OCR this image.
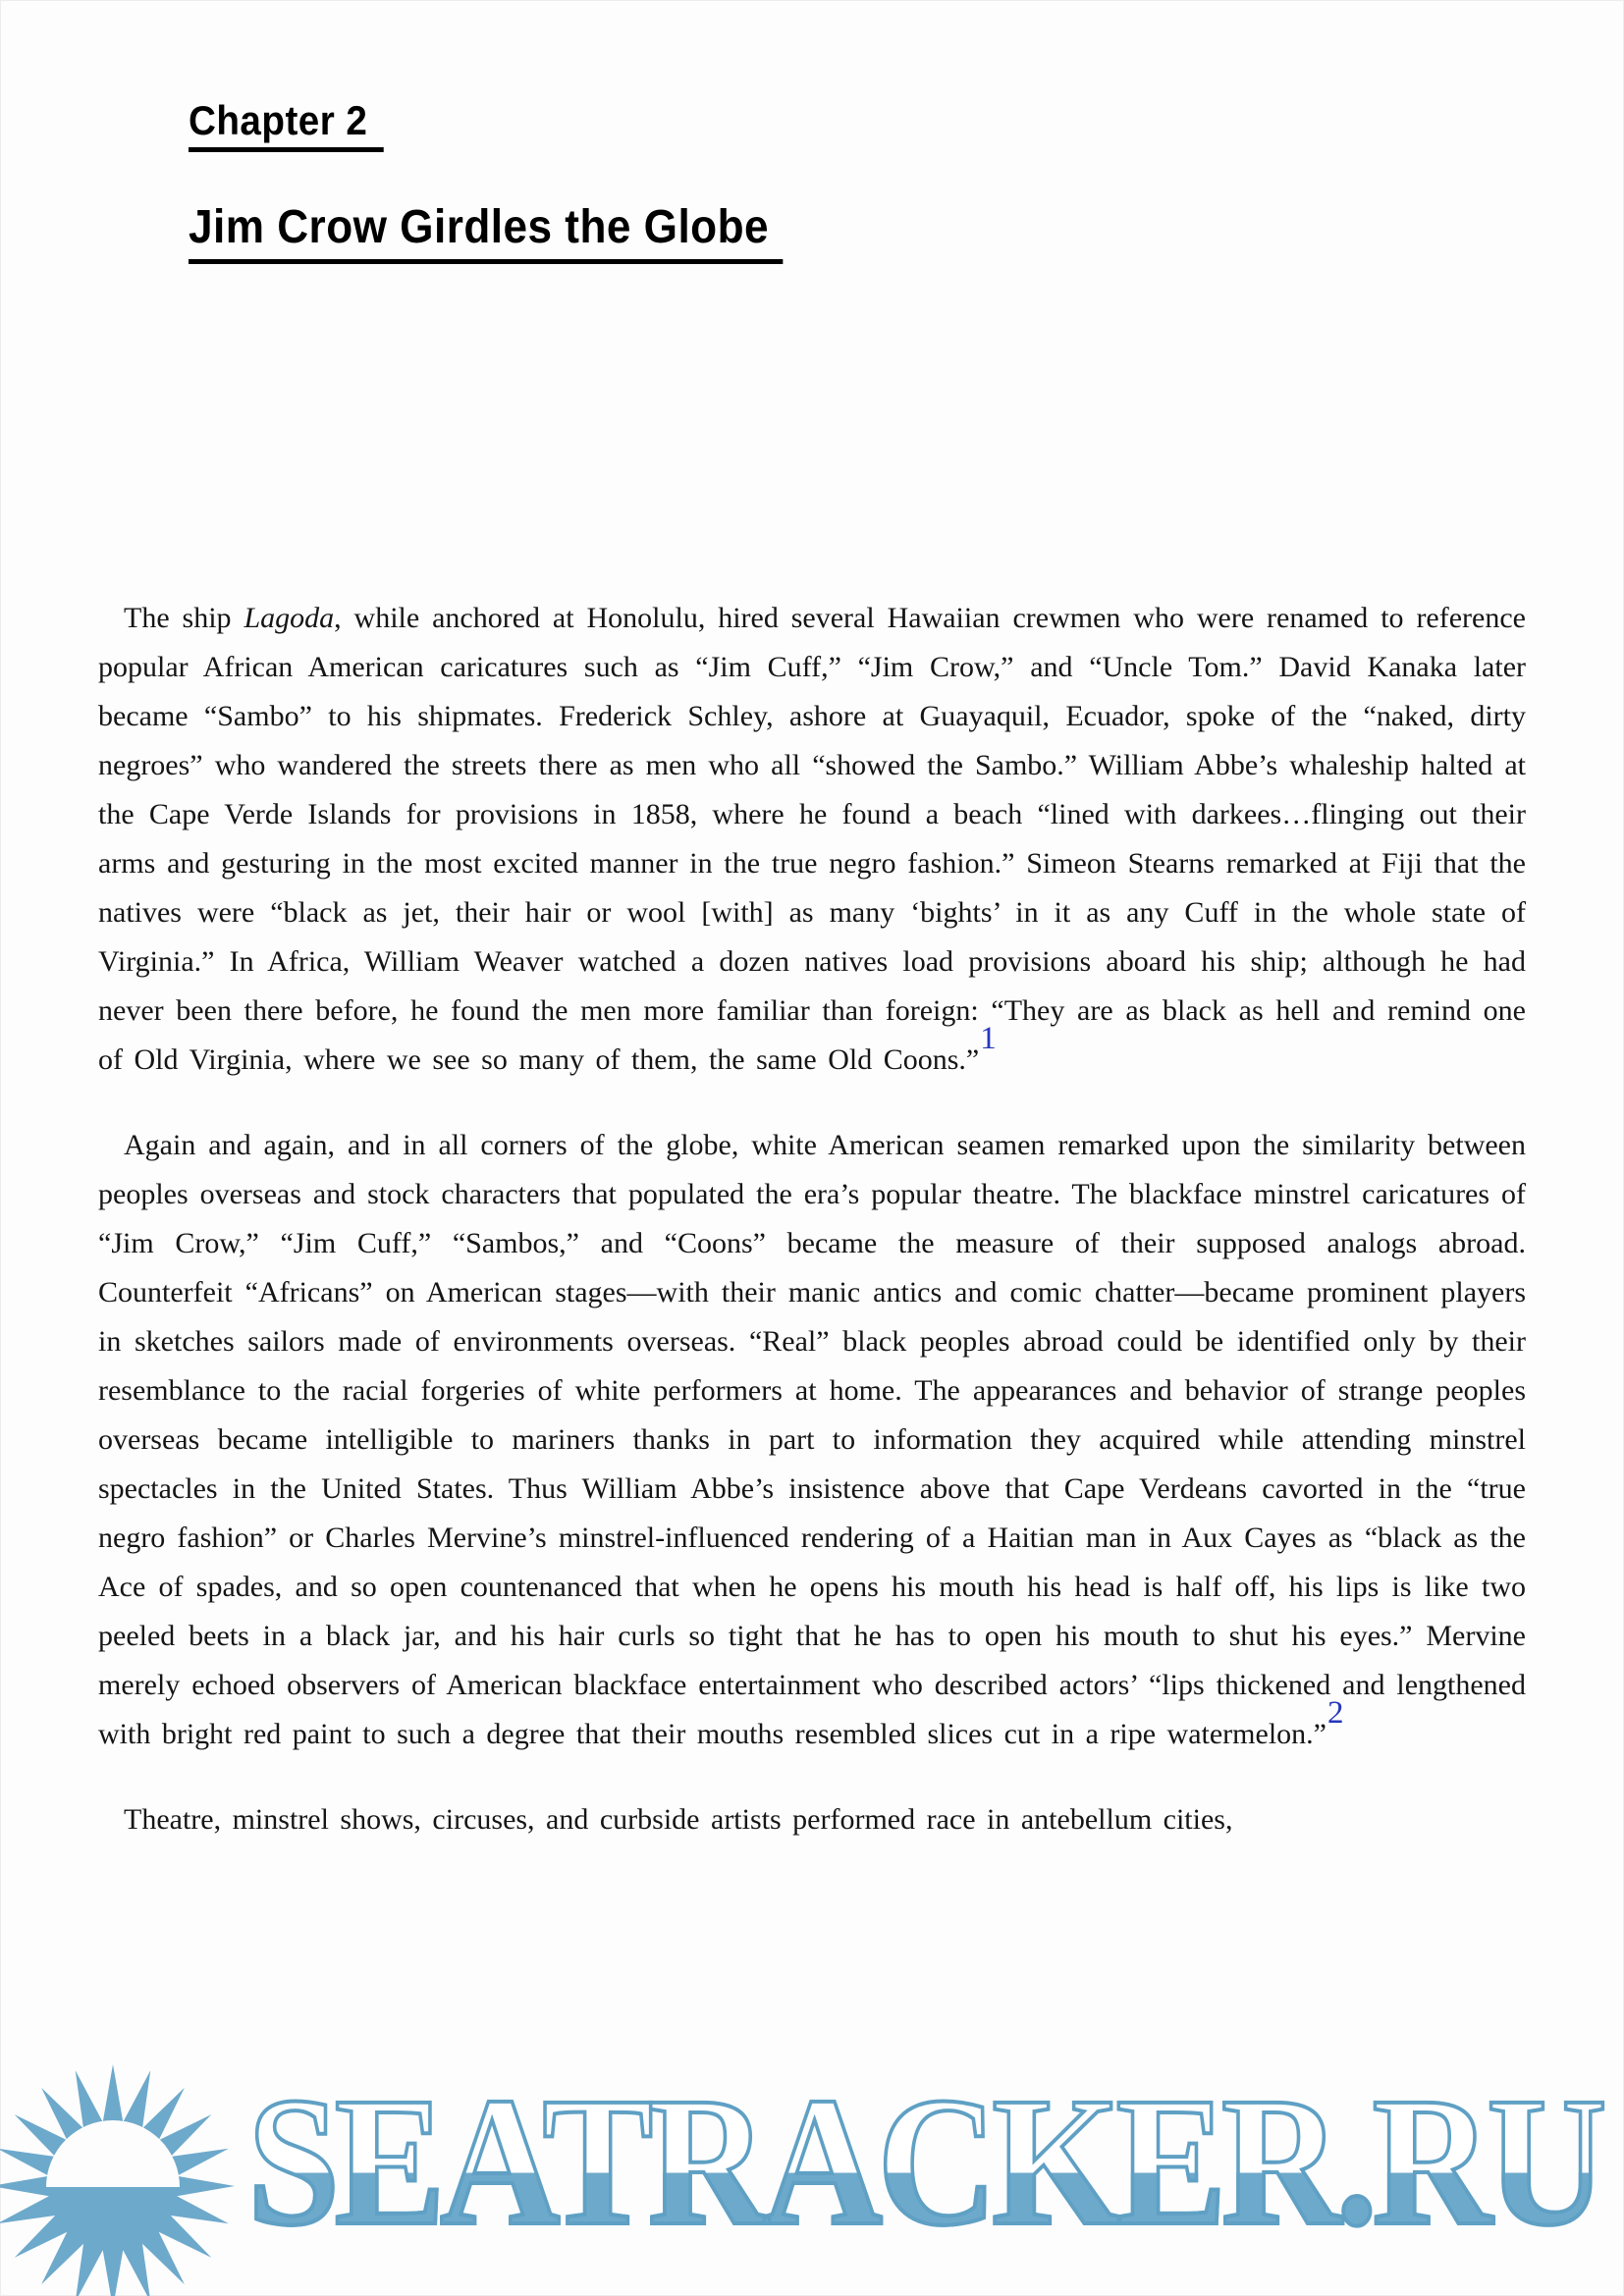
SEATRACKER.RU
Chapter 2
Jim Crow Girdles the Globe

The ship Lagoda, while anchored at Honolulu, hired several Hawaiian crewmen who were renamed to reference popular African American caricatures such as “Jim Cuff,” “Jim Crow,” and “Uncle Tom.” David Kanaka later became “Sambo” to his shipmates. Frederick Schley, ashore at Guayaquil, Ecuador, spoke of the “naked, dirty negroes” who wandered the streets there as men who all “showed the Sambo.” William Abbe’s whaleship halted at the Cape Verde Islands for provisions in 1858, where he found a beach “lined with darkees…flinging out their arms and gesturing in the most excited manner in the true negro fashion.” Simeon Stearns remarked at Fiji that the natives were “black as jet, their hair or wool [with] as many ‘bights’ in it as any Cuff in the whole state of Virginia.” In Africa, William Weaver watched a dozen natives load provisions aboard his ship; although he had never been there before, he found the men more familiar than foreign: “They are as black as hell and remind one of Old Virginia, where we see so many of them, the same Old Coons.”$^1$

Again and again, and in all corners of the globe, white American seamen remarked upon the similarity between peoples overseas and stock characters that populated the era’s popular theatre. The blackface minstrel caricatures of “Jim Crow,” “Jim Cuff,” “Sambos,” and “Coons” became the measure of their supposed analogs abroad. Counterfeit “Africans” on American stages—with their manic antics and comic chatter—became prominent players in sketches sailors made of environments overseas. “Real” black peoples abroad could be identified only by their resemblance to the racial forgeries of white performers at home. The appearances and behavior of strange peoples overseas became intelligible to mariners thanks in part to information they acquired while attending minstrel spectacles in the United States. Thus William Abbe’s insistence above that Cape Verdeans cavorted in the “true negro fashion” or Charles Mervine’s minstrel-influenced rendering of a Haitian man in Aux Cayes as “black as the Ace of spades, and so open countenanced that when he opens his mouth his head is half off, his lips is like two peeled beets in a black jar, and his hair curls so tight that he has to open his mouth to shut his eyes.” Mervine merely echoed observers of American blackface entertainment who described actors’ “lips thickened and lengthened with bright red paint to such a degree that their mouths resembled slices cut in a ripe watermelon.”$^2$

Theatre, minstrel shows, circuses, and curbside artists performed race in antebellum cities,
